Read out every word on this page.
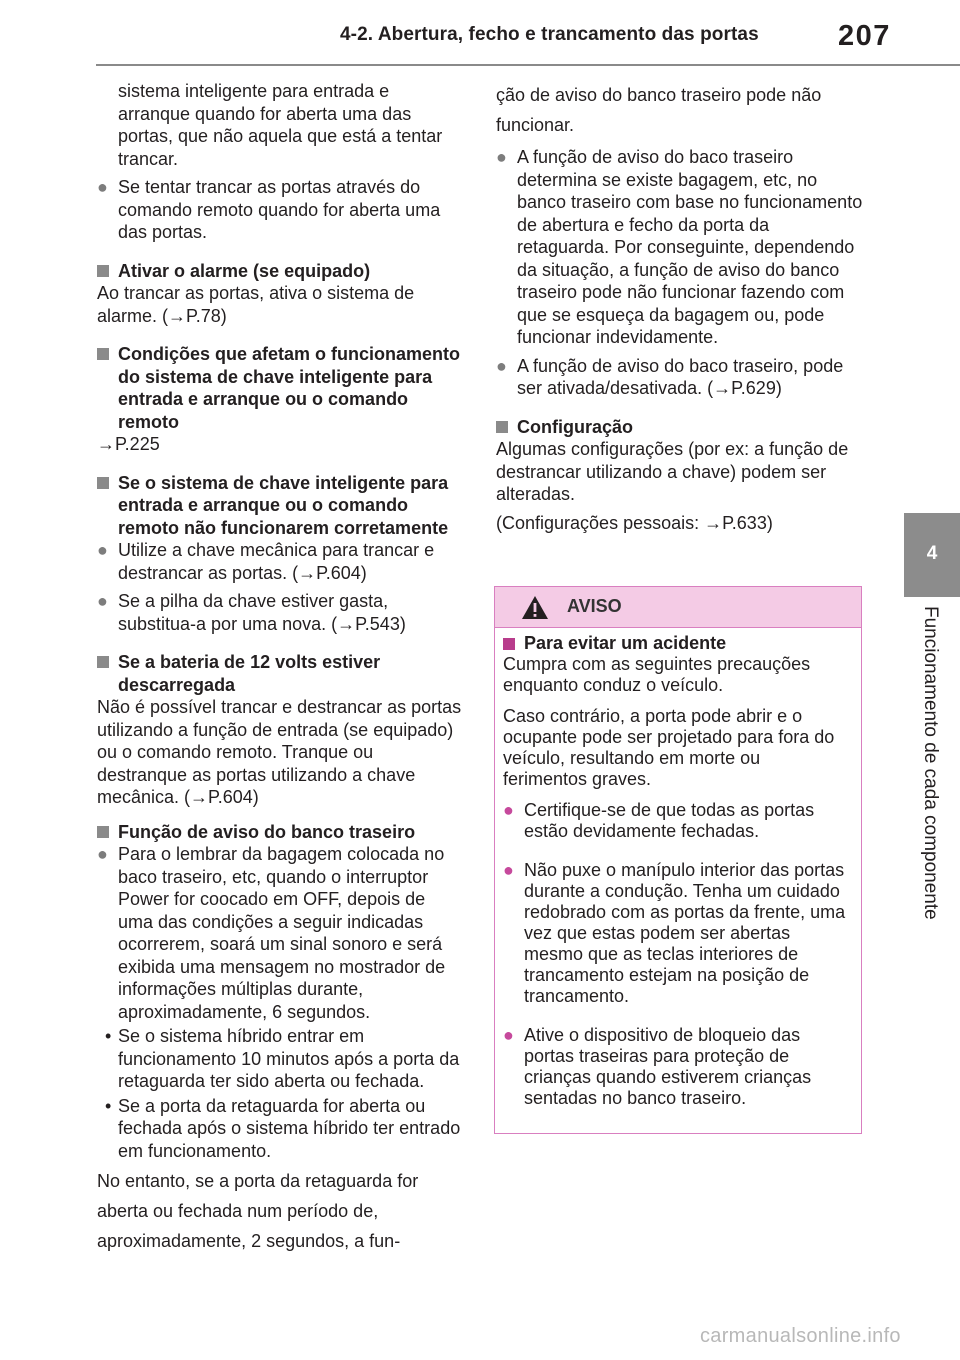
4-2. Abertura, fecho e trancamento das portas	207
4
Funcionamento de cada componente

sistema inteligente para entrada e arranque quando for aberta uma das portas, que não aquela que está a tentar trancar.

● Se tentar trancar as portas através do comando remoto quando for aberta uma das portas.
Ativar o alarme (se equipado)

Ao trancar as portas, ativa o sistema de alarme. (→P.78)

Condições que afetam o funcionamento do sistema de chave inteligente para entrada e arranque ou o comando remoto

→P.225

Se o sistema de chave inteligente para entrada e arranque ou o comando remoto não funcionarem corretamente
● Utilize a chave mecânica para trancar e destrancar as portas. (→P.604)
● Se a pilha da chave estiver gasta, substitua-a por uma nova. (→P.543)
Se a bateria de 12 volts estiver descarregada

Não é possível trancar e destrancar as portas utilizando a função de entrada (se equipado) ou o comando remoto. Tranque ou destranque as portas utilizando a chave mecânica. (→P.604)

Função de aviso do banco traseiro
● Para o lembrar da bagagem colocada no baco traseiro, etc, quando o interruptor Power for coocado em OFF, depois de uma das condições a seguir indicadas ocorrerem, soará um sinal sonoro e será exibida uma mensagem no mostrador de informações múltiplas durante, aproximadamente, 6 segundos.
• Se o sistema híbrido entrar em funcionamento 10 minutos após a porta da retaguarda ter sido aberta ou fechada.
• Se a porta da retaguarda for aberta ou fechada após o sistema híbrido ter entrado em funcionamento.

No entanto, se a porta da retaguarda for aberta ou fechada num período de, aproximadamente, 2 segundos, a fun-

ção de aviso do banco traseiro pode não funcionar.

● A função de aviso do baco traseiro determina se existe bagagem, etc, no banco traseiro com base no funcionamento de abertura e fecho da porta da retaguarda. Por conseguinte, dependendo da situação, a função de aviso do banco traseiro pode não funcionar fazendo com que se esqueça da bagagem ou, pode funcionar indevidamente.
● A função de aviso do baco traseiro, pode ser ativada/desativada. (→P.629)
Configuração

Algumas configurações (por ex: a função de destrancar utilizando a chave) podem ser alteradas.

(Configurações pessoais: →P.633)

AVISO
Para evitar um acidente

Cumpra com as seguintes precauções enquanto conduz o veículo.

Caso contrário, a porta pode abrir e o ocupante pode ser projetado para fora do veículo, resultando em morte ou ferimentos graves.

● Certifique-se de que todas as portas estão devidamente fechadas.
● Não puxe o manípulo interior das portas durante a condução. Tenha um cuidado redobrado com as portas da frente, uma vez que estas podem ser abertas mesmo que as teclas interiores de trancamento estejam na posição de trancamento.
● Ative o dispositivo de bloqueio das portas traseiras para proteção de crianças quando estiverem crianças sentadas no banco traseiro.
carmanualsonline.info
